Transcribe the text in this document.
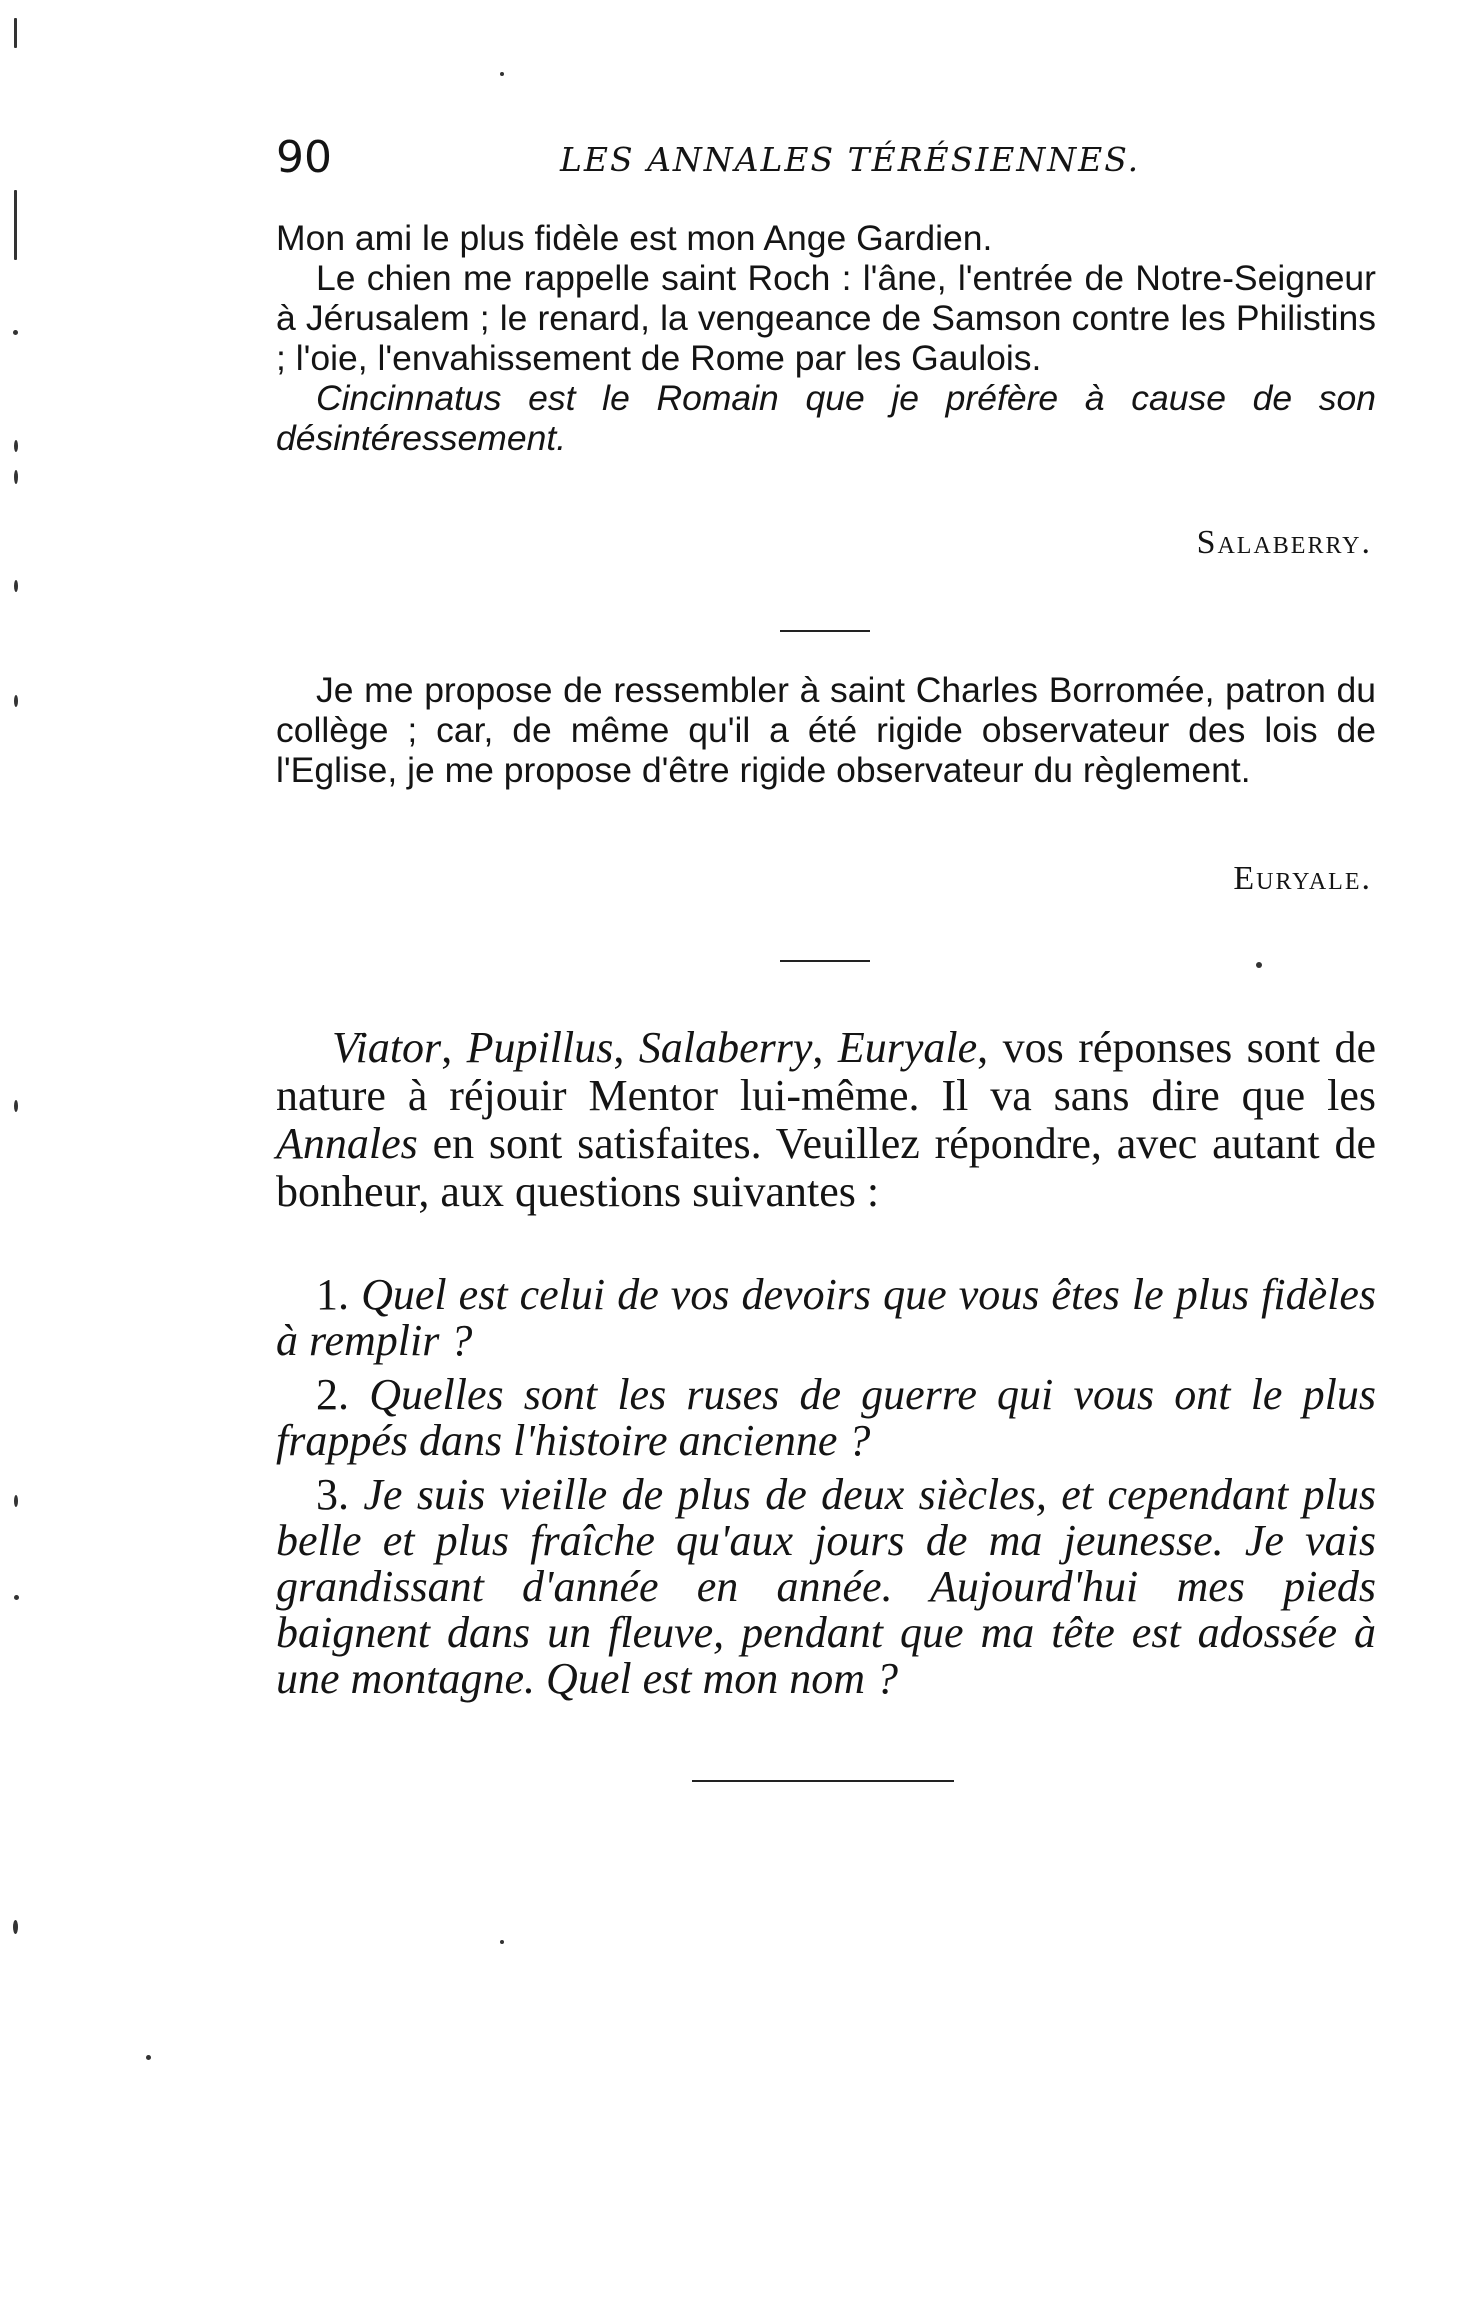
90	LES ANNALES TÉRÉSIENNES.

Mon ami le plus fidèle est mon Ange Gardien.

Le chien me rappelle saint Roch : l'âne, l'entrée de Notre-Seigneur à Jérusalem ; le renard, la vengeance de Samson contre les Philistins ; l'oie, l'envahissement de Rome par les Gaulois.

Cincinnatus est le Romain que je préfère à cause de son désintéressement.

Salaberry.

Je me propose de ressembler à saint Charles Borromée, patron du collège ; car, de même qu'il a été rigide observateur des lois de l'Eglise, je me propose d'être rigide observateur du règlement.

Euryale.

Viator, Pupillus, Salaberry, Euryale, vos réponses sont de nature à réjouir Mentor lui-même. Il va sans dire que les Annales en sont satisfaites. Veuillez répondre, avec autant de bonheur, aux questions suivantes :

1. Quel est celui de vos devoirs que vous êtes le plus fidèles à remplir ?

2. Quelles sont les ruses de guerre qui vous ont le plus frappés dans l'histoire ancienne ?

3. Je suis vieille de plus de deux siècles, et cependant plus belle et plus fraîche qu'aux jours de ma jeunesse. Je vais grandissant d'année en année. Aujourd'hui mes pieds baignent dans un fleuve, pendant que ma tête est adossée à une montagne. Quel est mon nom ?
